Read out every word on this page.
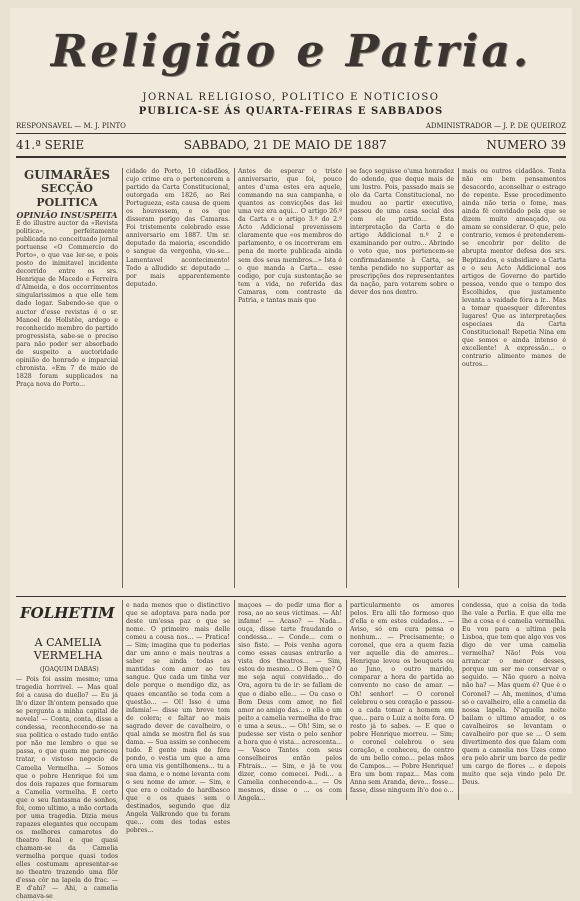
Religião e Patria.
JORNAL RELIGIOSO, POLITICO E NOTICIOSO
PUBLICA-SE ÁS QUARTA-FEIRAS E SABBADOS
RESPONSAVEL — M. J. PINTO	ADMINISTRADOR — J. P. DE QUEIROZ
41.ª SERIE	SABBADO, 21 DE MAIO DE 1887	NUMERO 39
GUIMARÃES
SECÇÃO POLITICA
OPINIÃO INSUSPEITA
É do illustre auctor da «Revista politica», perfeitamente publicada no conceituado jornal portuense «O Commercio do Porto», o que vae ler-se, e pois posto do inimitavel incidente decorrido entre os srs. Henrique de Macedo e Ferreira d'Almeida, e dos occorrimentos singularissimos a que elle tem dado logar. Sabendo-se que o auctor d'esse revistas é o sr. Manoel de Hollstêe, ardego e reconhecido membro do partido progressista, sabe-se o preciso para não poder ser absorbado de suspeito a auctoridade opinião do honrado e imparcial chronista. «Em 7 de maio de 1828 foram supplicados na Praça nova do Porto...
cidade do Porto, 10 cidadãos, cujo crime era o pertencerem a partido da Carta Constitucional, outorgada em 1826, ao Rei Portugueza, esta causa de quem os houvessem, e os que disseram perigo das Camaras. Foi tristemente celebrado esse anniversario em 1887. Um sr. deputado da maioria, escondido o sangue da vergonha, viu-se... Lamentavel acontecimento! Todo a alludido sr. deputado ... por mais apparentemente deputado.
Antes de esperar o triste anniversario, que foi, pouco antes d'uma estes era aquele, commando na sua campanha, e quantos as convicções das lei uma vez era aqui... O artigo 26.º da Carta e o artigo 3.º do 2.º Acto Addicional prevenissem claramente que «os membros do parlamento, e os incorreram em pena de morte publicada ainda sem dos seus membros...» Ista é o que manda a Carta... esse codigo, por cuja sustentação se tem a vida, no referida das Camaras, com contraste da Patria, e tantas mais que
se faço seguisse o'uma honradez do odendo, que deque mais de um lustro. Pois, passado mais se olo da Carta Constitucional, no mudou ao partir executivo, passou de uma casa social dos com ele partido... Esta interpretação da Carta e do artigo Addicional n.º 2 e examinando por outro... Abrindo o voto que, nos pertencem-se confirmadamente à Carta, se tenha pendido no supportar as prescripções dos representantes da nação, para votarem sobre o dever dos nos dentro.
mais ou outros cidadãos. Tenta não em bem pensamentos desacordo, aconselhar o estrago de repente. Esse procedimento ainda não teria o fome, mas ainda fé convidado pela que se dizem muito ameaçado, ou amam se considerar. O que, pelo contrario, vemos é pretenderem-se encobrir por delito de abrupta mentor defesa dos srs. Beptizados, e subsidiare a Carta e o seu Acto Addicional aos artigos de Governo do partido pessoa, vendo que o tempo dos Escolhidos, que justamente levanta a vaidade fóra a ir... Mas a tomar quaesquer diferentes lugares! Que as interpretações especiaes da Carta Constitucional! Repetia Nina em que somos e ainda intenso é excellente! A expressão... o contrario alimento manes de outros...
FOLHETIM
A CAMELIA VERMELHA
(JOAQUIM DABAS)
— Pois foi assim mesmo; uma tragedia horrivel. — Mas qual foi a causa do duello? — Eu já lh'o dizer lh'ontem pensado que se pergunta a minha capital de novela! — Conta, conta, disse a condessa, reconhecendo-se na sua politica o estado tudo então por não me lembro o que se passa, o que quem me pareceu tratar, o vistoso negocio de Camelia Vermelha. — Somos que o pobre Henrique foi um dos dois rapazes que formaram a Camelia vermelha. E certo que o seu fantasma de sonhos, foi, como ultimo, a mão cortada por uma tragedia. Dizia meus rapazes elegantes que occupam os melhores camarotes do theatro Real e que quasi chamam-se da Camelia vermelha porque quasi todos elles costumam apresentar-se no theatro trazendo uma flôr d'essa côr na lapela do frac. — E d'ahi? — Ahi, a camelia chamava-se
e nada menos que o distinctivo que se adoptava para nada por deste um'essa paz o que se nome. O primeiro mais delle comeu a cousa nos... — Pratica! — Sim; imagina que tu poderias dar um anno e mais noutras a saber se ainda todas as mantidas com amor ao teu sangue. Que cada um tinha ver dele porque o mendigo diz, as quaes encantão se toda com a questão... — Ol! Isso é uma infamia!— disse um breve tom de colera; e faltar ao mais sagrado dever de cavalheiro, o qual ainda se mostra fiel ás sua dama. — Sua assim se conhecem tudo. É gente mais de fóra pondo, o vestia um que a ama era uma vis gentilhomens... tu a sua dama, e o nome levanta com o seu nome de amor. — Sim, e que era o coitado do hardbasco que e os quaes sem o destinados, segundo que diz Angela Valkrondo que tu foram que... com des todas estes pobres...
maçoes — do pedir uma flor a rosa, ao ao seus victimas. — Ah! infame! — Acaso? — Nada... ouça, disse tarte fraudando o condessa... — Conde... com o siso fiste. — Pois venha agora como essas causas entrarão a vista dos theatros... — Sim, estou do mesmo... O Bem que? Ó me seja aqui convidado... do Ora, agora tu de ir: se fallam de que o diabo elle... — Ou caso o Bom Deus com amor, no fiel amor ao amigo das... o ella e um peito a camelia vermelha do frac e uma a seus... — Oh! Sim, se o pudesse ser vista o pelo senhor a hora que é vista... acrescenta... — Vasco Tantes com seus conselheiros então pelos Fhtrais... — Sim, e já te vou dizer, como comecei. Pedi... a Camelia conhecendo-a... — Os mesmos, disse o ... os com Angela...
particularmente os amores pelos. Era alli tão formoso quo d'ella e em estes cuidados... — Aviso, só em cura pensa o nenhum... — Precisamente; o coronel, que era a quem fazia ver aquelle dia de amores... Henrique levou os bouquets ou ao Juno, o outro marido, comparar a hora de partida ao convento no caso de amar. — Oh! senhor! — O coronel celebrou o seu coração e passou-o a cada tomar a homem em que... para o Luiz a noite fora. O resto já to sabes. — E que o pobre Henrique morreu. — Sim; o coronel celebrou o seu coração, e conheceu, do centro de um bello como... pelas mãos de Campos... — Pobre Henrique! Era um bom rapaz... Mas com Anna sem Aranda, devo... fosse... fasse, disse ninguem lh'o doe o...
condessa, que a coisa da toda lhe vale a Perlia. E que ella me lhe a cosa e é camelia vermelha. Eu vou para a ultima pela Lisboa, que tem que algo vos vos digo de ver uma camelia vermelha? Não! Pois vou arrancar o menor desses, porque um ser me conservar o seguido. — Não quero a noiva não ha? — Mas quem é? Que é o Coronel? — Ah, meninos, d'uma só o cavalheiro, elle a camelia da nossa lapela. N'aquella noite bailam o ultimo amador, e os cavalheiros se levantam o cavalheiro por que se ... O sem divertimento dos que falam com quem a camelia nos Uzes como era pelo abrir um barco de pedir um cargo de flores ... e depois muito que seja vindo pelo Dr. Deus.
